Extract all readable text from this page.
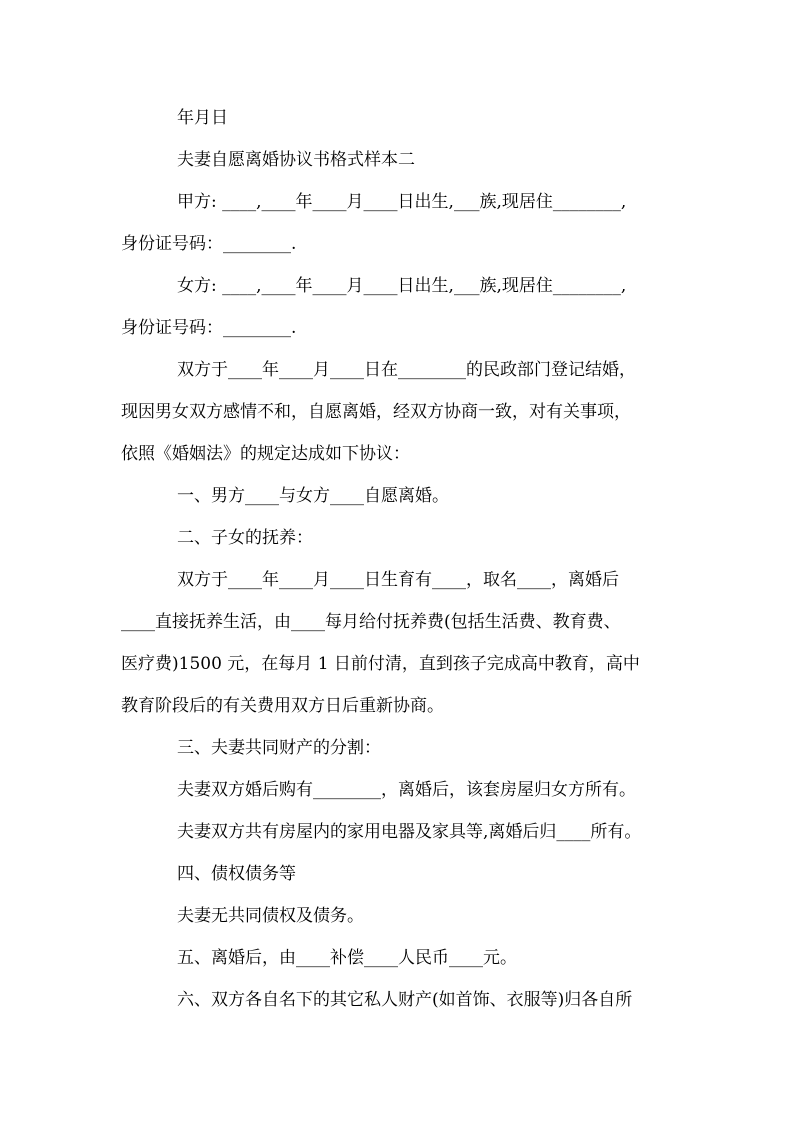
年月日
夫妻自愿离婚协议书格式样本二
甲方: ____,____年____月____日出生,___族,现居住________,
身份证号码：________.
女方: ____,____年____月____日出生,___族,现居住________,
身份证号码：________.
双方于____年____月____日在________的民政部门登记结婚，
现因男女双方感情不和，自愿离婚，经双方协商一致，对有关事项，
依照《婚姻法》的规定达成如下协议：
一、男方____与女方____自愿离婚。
二、子女的抚养：
双方于____年____月____日生育有____，取名____，离婚后
____直接抚养生活，由____每月给付抚养费(包括生活费、教育费、
医疗费)1500 元，在每月 1 日前付清，直到孩子完成高中教育，高中
教育阶段后的有关费用双方日后重新协商。
三、夫妻共同财产的分割：
夫妻双方婚后购有________，离婚后，该套房屋归女方所有。
夫妻双方共有房屋内的家用电器及家具等,离婚后归____所有。
四、债权债务等
夫妻无共同债权及债务。
五、离婚后，由____补偿____人民币____元。
六、双方各自名下的其它私人财产(如首饰、衣服等)归各自所
